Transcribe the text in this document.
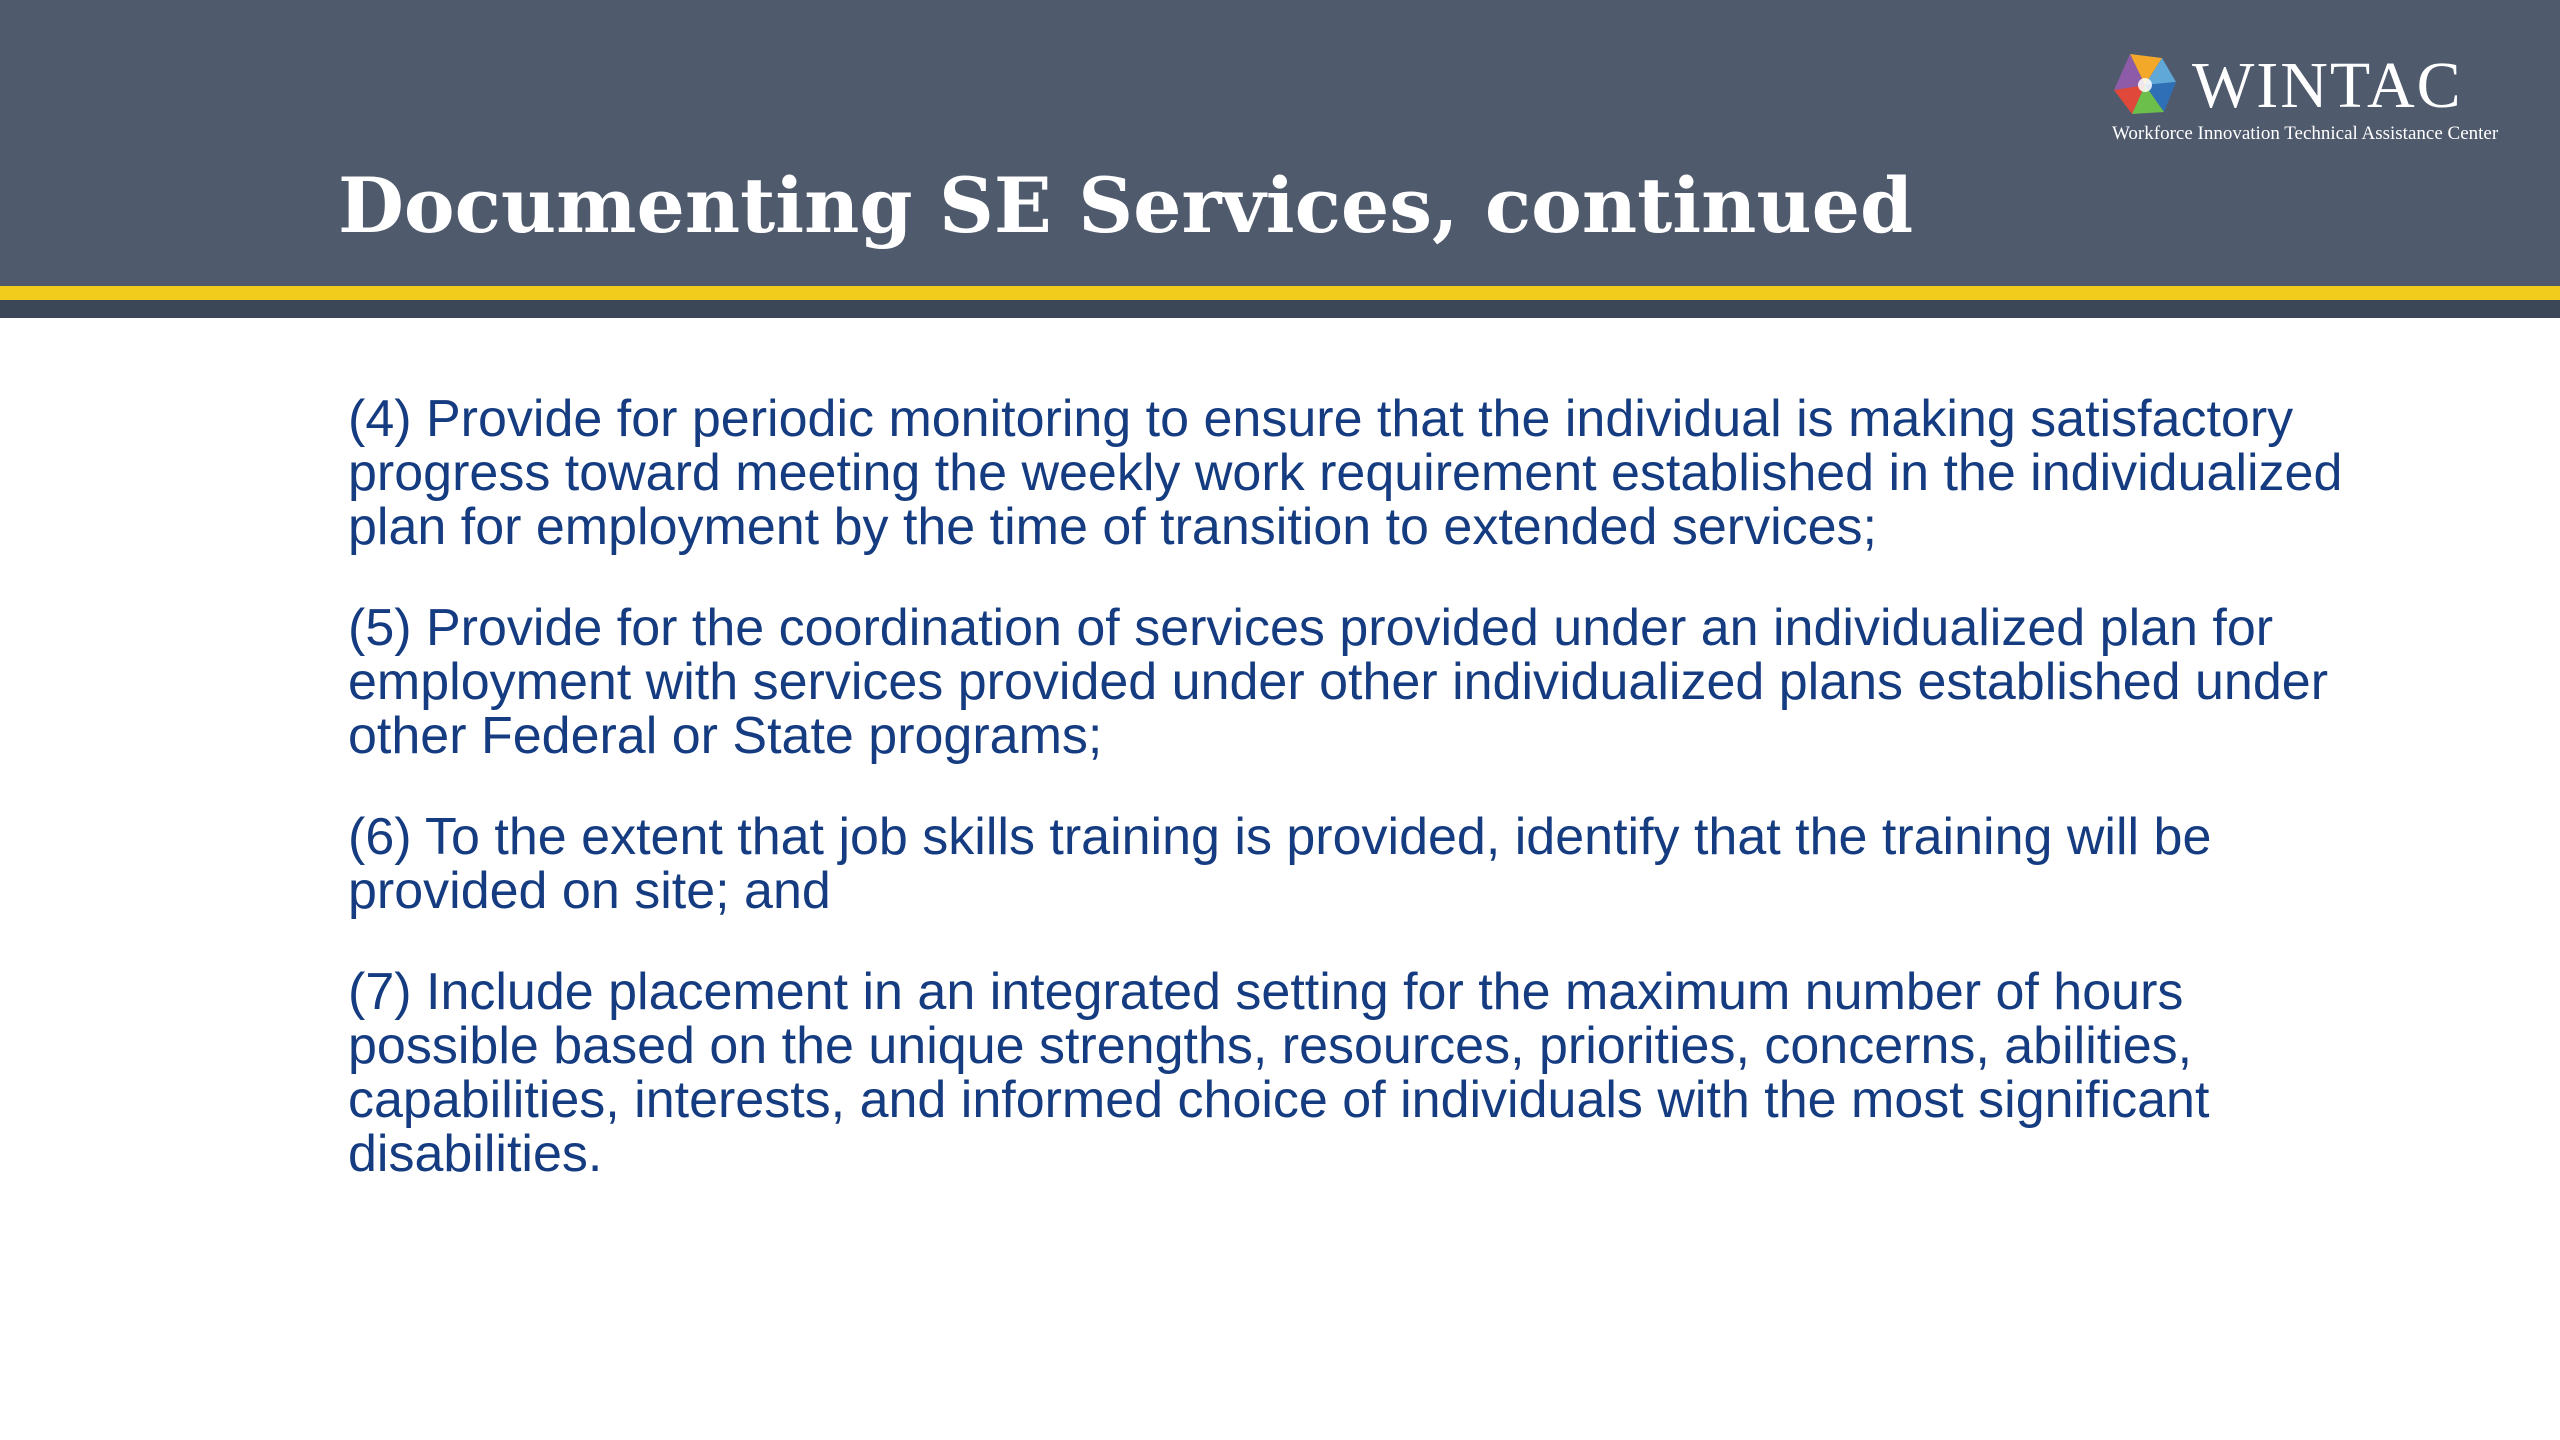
Documenting SE Services, continued
WINTAC
Workforce Innovation Technical Assistance Center

(4) Provide for periodic monitoring to ensure that the individual is making satisfactory progress toward meeting the weekly work requirement established in the individualized plan for employment by the time of transition to extended services;

(5) Provide for the coordination of services provided under an individualized plan for employment with services provided under other individualized plans established under other Federal or State programs;

(6) To the extent that job skills training is provided, identify that the training will be provided on site; and

(7) Include placement in an integrated setting for the maximum number of hours possible based on the unique strengths, resources, priorities, concerns, abilities, capabilities, interests, and informed choice of individuals with the most significant disabilities.
